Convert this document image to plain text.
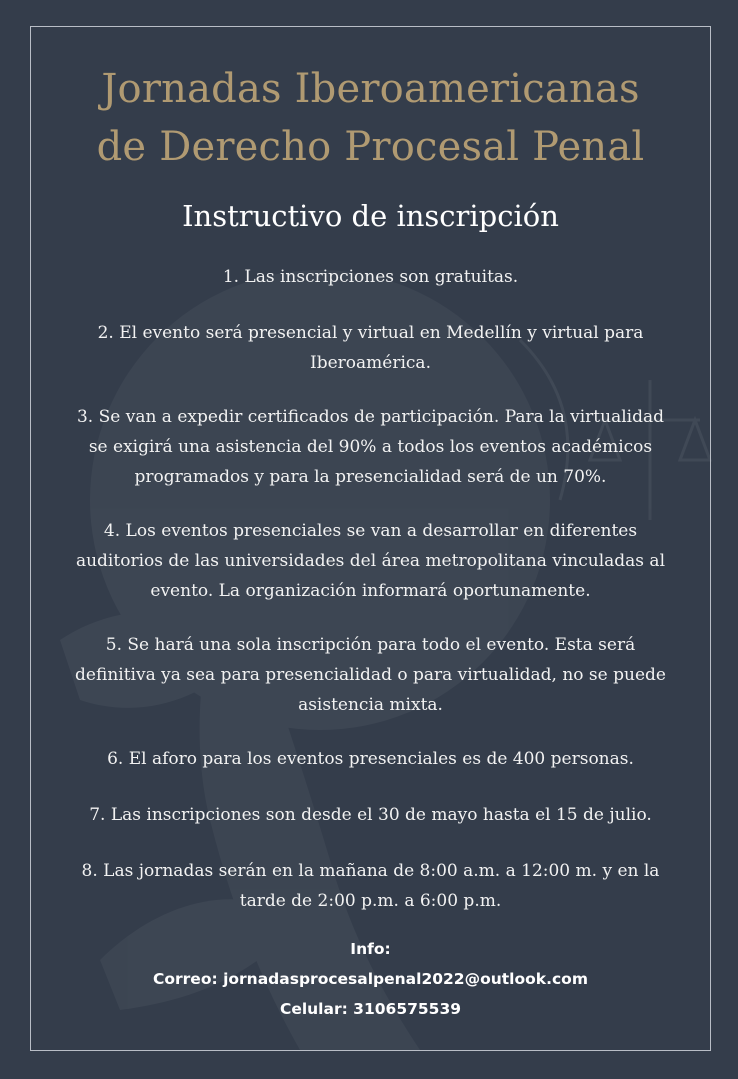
Jornadas Iberoamericanas
de Derecho Procesal Penal
Instructivo de inscripción

1. Las inscripciones son gratuitas.

2. El evento será presencial y virtual en Medellín y virtual para Iberoamérica.

3. Se van a expedir certificados de participación. Para la virtualidad se exigirá una asistencia del 90% a todos los eventos académicos programados y para la presencialidad será de un 70%.

4. Los eventos presenciales se van a desarrollar en diferentes auditorios de las universidades del área metropolitana vinculadas al evento. La organización informará oportunamente.

5. Se hará una sola inscripción para todo el evento. Esta será definitiva ya sea para presencialidad o para virtualidad, no se puede asistencia mixta.

6. El aforo para los eventos presenciales es de 400 personas.

7. Las inscripciones son desde el 30 de mayo hasta el 15 de julio.

8. Las jornadas serán en la mañana de 8:00 a.m. a 12:00 m. y en la tarde de 2:00 p.m. a 6:00 p.m.

Info:
Correo: jornadasprocesalpenal2022@outlook.com
Celular: 3106575539
